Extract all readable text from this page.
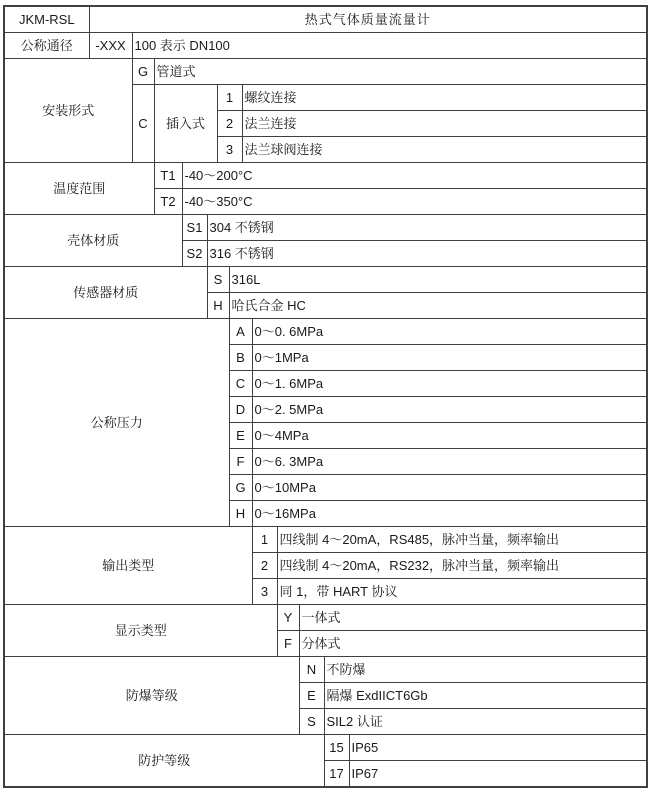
JKM-RSL	热式气体质量流量计												
公称通径	-XXX	100 表示 DN100											
安装形式		G	管道式										
		C	插入式			1		螺纹连接					
						2		法兰连接					
						3		法兰球阀连接					
温度范围			T1	-40～200°C									
			T2	-40～350°C									
壳体材质				S1	304 不锈钢								
				S2	316 不锈钢								
传感器材质					S		316L						
					H		哈氏合金 HC						
公称压力							A		0～0. 6MPa				
							B		0～1MPa				
							C		0～1. 6MPa				
							D		0～2. 5MPa				
							E		0～4MPa				
							F		0～6. 3MPa				
							G		0～10MPa				
							H		0～16MPa				
输出类型									1	四线制 4～20mA，RS485，脉冲当量，频率输出			
									2	四线制 4～20mA，RS232，脉冲当量，频率输出			
									3	同 1，带 HART 协议			
显示类型										Y	一体式		
										F	分体式		
防爆等级											N	不防爆	
											E	隔爆 ExdIICT6Gb	
											S	SIL2 认证	
防护等级												15	IP65
												17	IP67
